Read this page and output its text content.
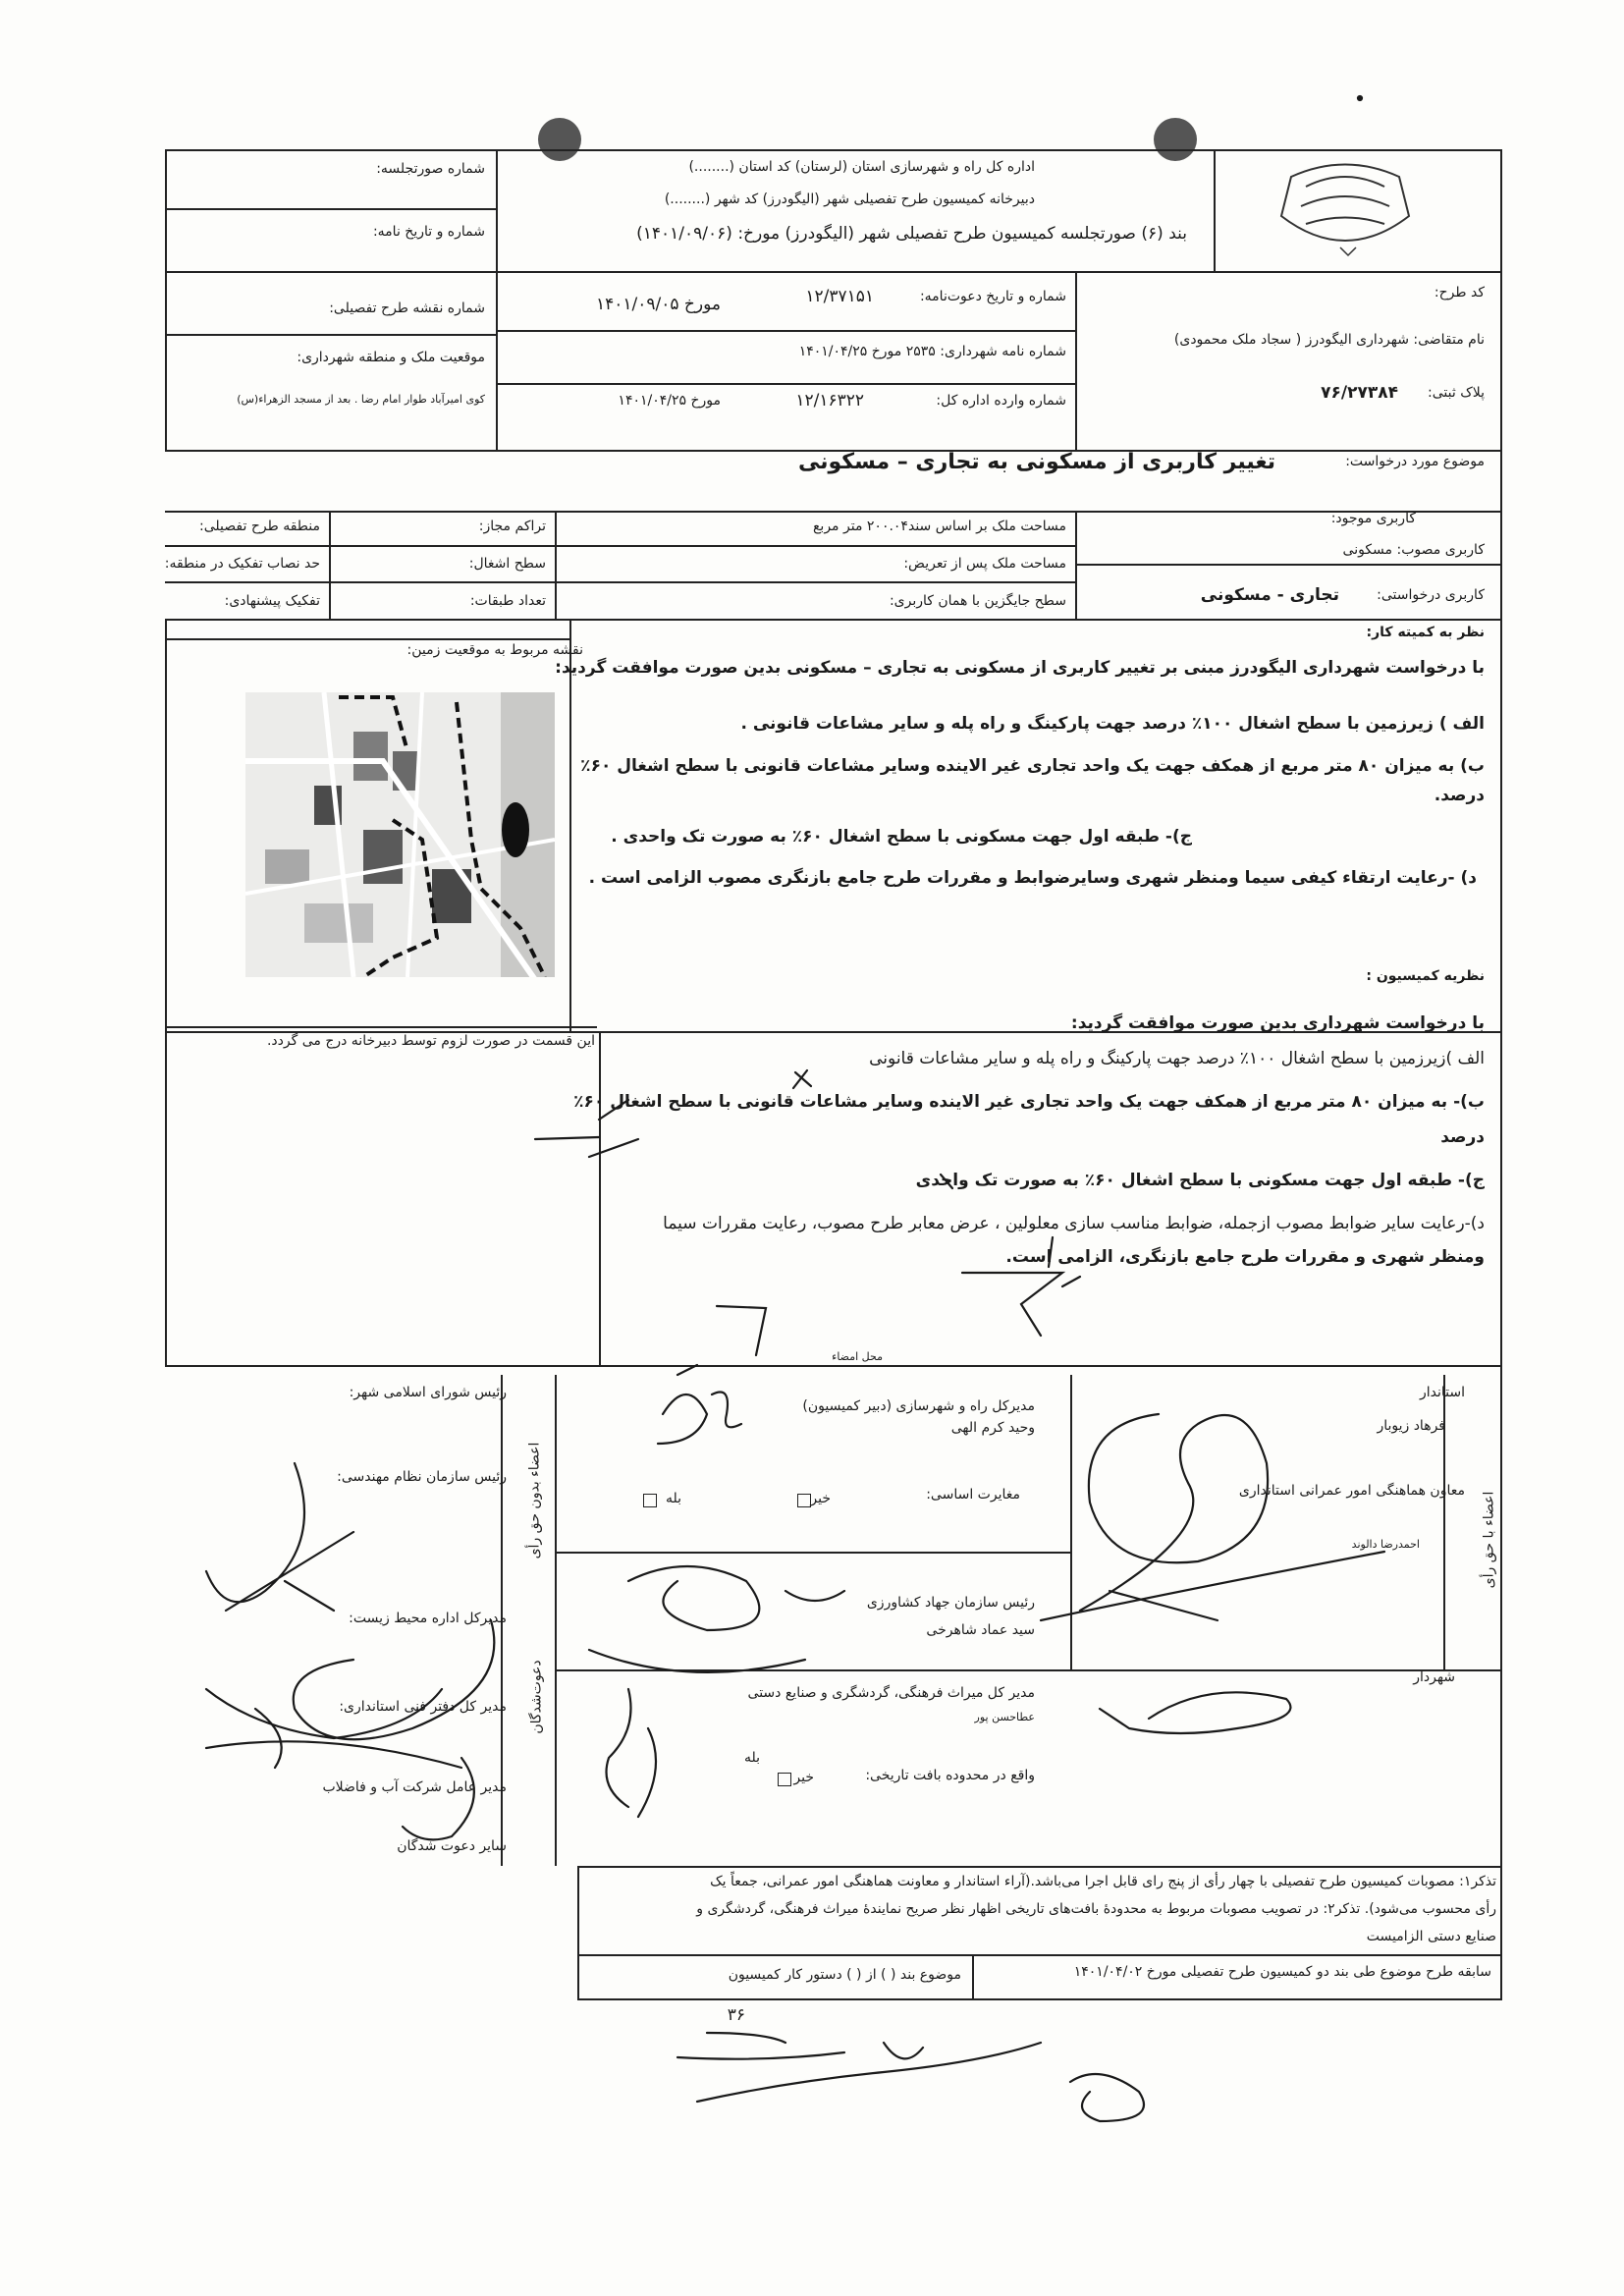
اداره کل راه و شهرسازی استان (لرستان) کد استان (........)
دبیرخانه کمیسیون طرح تفصیلی شهر (الیگودرز) کد شهر (........)
بند (۶) صورتجلسه کمیسیون طرح تفصیلی شهر (الیگودرز) مورخ: (۱۴۰۱/۰۹/۰۶)
شماره صورتجلسه:
شماره و تاریخ نامه:
کد طرح:
نام متقاضی: شهرداری الیگودرز ( سجاد ملک محمودی)
پلاک ثبتی:
۷۶/۲۷۳۸۴
شماره و تاریخ دعوت‌نامه:
۱۲/۳۷۱۵۱
مورخ ۱۴۰۱/۰۹/۰۵
شماره نامه شهرداری: ۲۵۳۵ مورخ ۱۴۰۱/۰۴/۲۵
شماره وارده اداره کل:
۱۲/۱۶۳۲۲
مورخ ۱۴۰۱/۰۴/۲۵
شماره نقشه طرح تفصیلی:
موقعیت ملک و منطقه شهرداری:
کوی امیرآباد طوار امام رضا . بعد از مسجد الزهراء(س)
موضوع مورد درخواست:
تغییر کاربری از مسکونی به تجاری – مسکونی
کاربری موجود:
کاربری مصوب: مسکونی
کاربری درخواستی:
تجاری - مسکونی
مساحت ملک بر اساس سند۲۰۰.۰۴ متر مربع
مساحت ملک پس از تعریض:
سطح جایگزین با همان کاربری:
تراکم مجاز:
سطح اشغال:
تعداد طبقات:
منطقه طرح تفصیلی:
حد نصاب تفکیک در منطقه:
تفکیک پیشنهادی:
نقشه مربوط به موقعیت زمین:
نظر به کمیته کار:
با درخواست شهرداری الیگودرز مبنی بر تغییر کاربری از مسکونی به تجاری – مسکونی بدین صورت موافقت گردید:
الف ) زیرزمین با سطح اشغال ۱۰۰٪ درصد جهت پارکینگ و راه پله و سایر مشاعات قانونی .
ب) به میزان ۸۰ متر مربع از همکف جهت یک واحد تجاری غیر الاینده وسایر مشاعات قانونی با سطح اشغال ۶۰٪
درصد.
ج)- طبقه اول جهت مسکونی با سطح اشغال ۶۰٪ به صورت تک واحدی .
د) -رعایت ارتقاء کیفی سیما ومنظر شهری وسایرضوابط و مقررات طرح جامع بازنگری مصوب الزامی است .
این قسمت در صورت لزوم توسط دبیرخانه درج می گردد.
نظریه کمیسیون :
با درخواست شهرداری بدین صورت موافقت گردید:
الف )زیرزمین با سطح اشغال ۱۰۰٪ درصد جهت پارکینگ و راه پله و سایر مشاعات قانونی
ب)- به میزان ۸۰ متر مربع از همکف جهت یک واحد تجاری غیر الاینده وسایر مشاعات قانونی با سطح اشغال ۶۰٪
درصد
ج)- طبقه اول جهت مسکونی با سطح اشغال ۶۰٪ به صورت تک واحدی
د)-رعایت سایر ضوابط مصوب ازجمله، ضوابط مناسب سازی معلولین ، عرض معابر طرح مصوب، رعایت مقررات سیما
ومنظر شهری و مقررات طرح جامع بازنگری، الزامی است.
محل امضاء
استاندار
فرهاد زیوبار
معاون هماهنگی امور عمرانی استانداری
احمدرضا دالوند
شهردار
اعضاء با حق رأی
مدیرکل راه و شهرسازی (دبیر کمیسیون)
وحید کرم الهی
مغایرت اساسی:
خیر
بله
رئیس سازمان جهاد کشاورزی
سید عماد شاهرخی
مدیر کل میراث فرهنگی، گردشگری و صنایع دستی
عطاحسن پور
واقع در محدوده بافت تاریخی:
خیر
بله
رئیس شورای اسلامی شهر:
رئیس سازمان نظام مهندسی:
مدیرکل اداره محیط زیست:
مدیر کل دفتر فنی استانداری:
مدیر عامل شرکت آب و فاضلاب
سایر دعوت شدگان
اعضاء بدون حق رأی
دعوت‌شدگان
تذکر۱: مصوبات کمیسیون طرح تفصیلی با چهار رأی از پنج رای قابل اجرا می‌باشد.(آراء استاندار و معاونت هماهنگی امور عمرانی، جمعاً یک
رأی محسوب می‌شود). تذکر۲: در تصویب مصوبات مربوط به محدودهٔ بافت‌های تاریخی اظهار نظر صریح نمایندهٔ میراث فرهنگی، گردشگری و
صنایع دستی الزامیست
سابقه طرح موضوع طی بند دو کمیسیون طرح تفصیلی مورخ ۱۴۰۱/۰۴/۰۲
موضوع بند ( ) از ( ) دستور کار کمیسیون
۳۶
